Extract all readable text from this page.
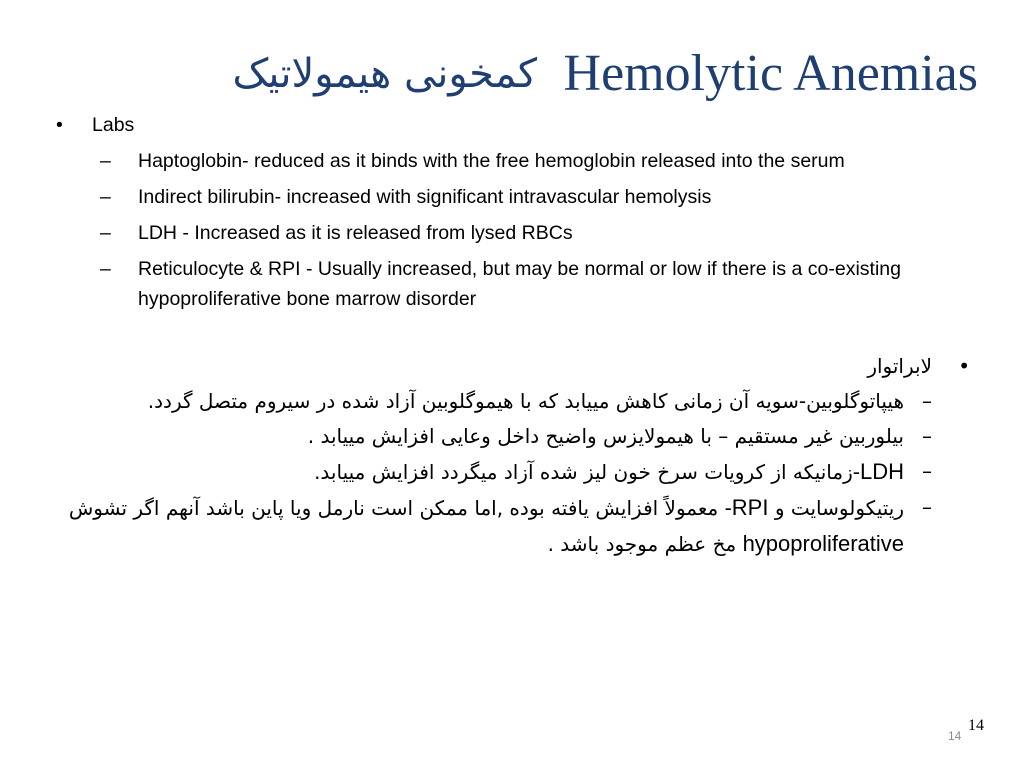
کمخونی هیمولاتیک Hemolytic Anemias
• Labs
– Haptoglobin- reduced as it binds with the free hemoglobin released into the serum
– Indirect bilirubin- increased with significant intravascular hemolysis
– LDH - Increased as it is released from lysed RBCs
– Reticulocyte & RPI - Usually increased, but may be normal or low if there is a co-existing hypoproliferative bone marrow disorder
•
لابراتوار
–
هیپاتوگلوبین-سویه آن زمانی کاهش مییابد که با هیموگلوبین آزاد شده در سیروم متصل گردد.
–
بیلوربین غیر مستقیم – با هیمولایزس واضیح داخل وعایی افزایش مییابد .
–
LDH-زمانیکه از کرویات سرخ خون لیز شده آزاد میگردد افزایش مییابد.
–
ریتیکولوسایت و RPI- معمولاً افزایش یافته بوده ,اما ممکن است نارمل ویا پاین باشد آنهم اگر تشوش hypoproliferative مخ عظم موجود باشد .
14
14
